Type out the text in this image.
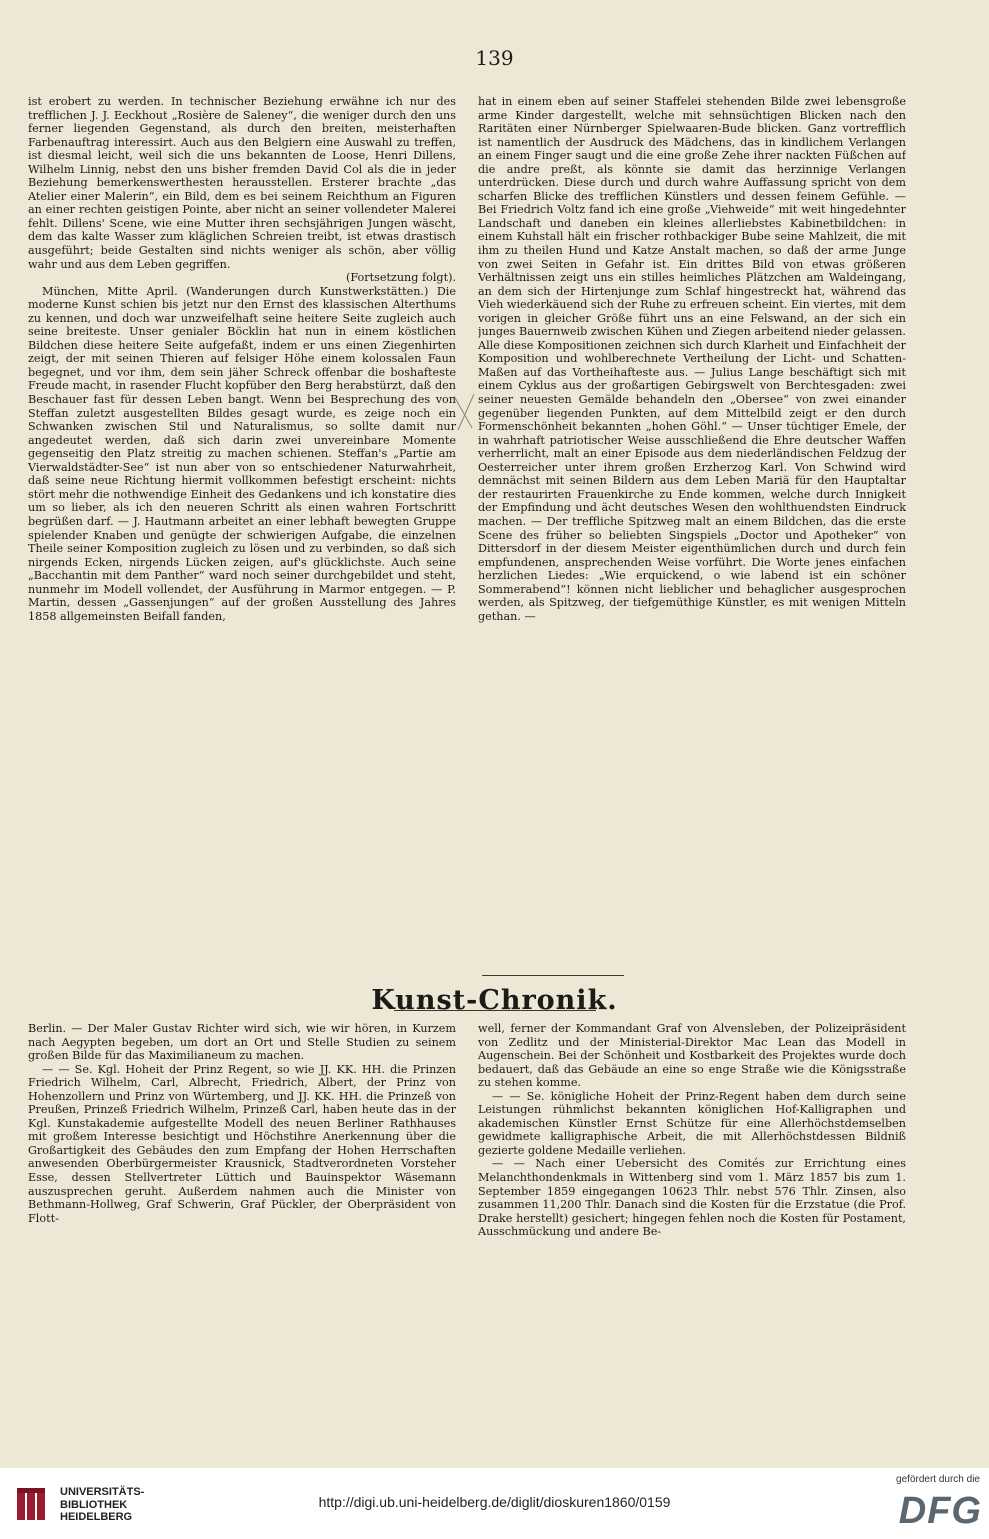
139

ist erobert zu werden. In technischer Beziehung erwähne ich nur des trefflichen J. J. Eeckhout „Rosière de Saleney“, die weniger durch den uns ferner liegenden Gegenstand, als durch den breiten, meisterhaften Farbenauftrag interessirt. Auch aus den Belgiern eine Auswahl zu treffen, ist diesmal leicht, weil sich die uns bekannten de Loose, Henri Dillens, Wilhelm Linnig, nebst den uns bisher fremden David Col als die in jeder Beziehung bemerkenswerthesten herausstellen. Ersterer brachte „das Atelier einer Malerin“, ein Bild, dem es bei seinem Reichthum an Figuren an einer rechten geistigen Pointe, aber nicht an seiner vollendeter Malerei fehlt. Dillens' Scene, wie eine Mutter ihren sechsjährigen Jungen wäscht, dem das kalte Wasser zum kläglichen Schreien treibt, ist etwas drastisch ausgeführt; beide Gestalten sind nichts weniger als schön, aber völlig wahr und aus dem Leben gegriffen.

(Fortsetzung folgt).

München, Mitte April. (Wanderungen durch Kunstwerkstätten.) Die moderne Kunst schien bis jetzt nur den Ernst des klassischen Alterthums zu kennen, und doch war unzweifelhaft seine heitere Seite zugleich auch seine breiteste. Unser genialer Böcklin hat nun in einem köstlichen Bildchen diese heitere Seite aufgefaßt, indem er uns einen Ziegenhirten zeigt, der mit seinen Thieren auf felsiger Höhe einem kolossalen Faun begegnet, und vor ihm, dem sein jäher Schreck offenbar die boshafteste Freude macht, in rasender Flucht kopfüber den Berg herabstürzt, daß den Beschauer fast für dessen Leben bangt. Wenn bei Besprechung des von Steffan zuletzt ausgestellten Bildes gesagt wurde, es zeige noch ein Schwanken zwischen Stil und Naturalismus, so sollte damit nur angedeutet werden, daß sich darin zwei unvereinbare Momente gegenseitig den Platz streitig zu machen schienen. Steffan's „Partie am Vierwaldstädter-See“ ist nun aber von so entschiedener Naturwahrheit, daß seine neue Richtung hiermit vollkommen befestigt erscheint: nichts stört mehr die nothwendige Einheit des Gedankens und ich konstatire dies um so lieber, als ich den neueren Schritt als einen wahren Fortschritt begrüßen darf. — J. Hautmann arbeitet an einer lebhaft bewegten Gruppe spielender Knaben und genügte der schwierigen Aufgabe, die einzelnen Theile seiner Komposition zugleich zu lösen und zu verbinden, so daß sich nirgends Ecken, nirgends Lücken zeigen, auf's glücklichste. Auch seine „Bacchantin mit dem Panther“ ward noch seiner durchgebildet und steht, nunmehr im Modell vollendet, der Ausführung in Marmor entgegen. — P. Martin, dessen „Gassenjungen“ auf der großen Ausstellung des Jahres 1858 allgemeinsten Beifall fanden,

hat in einem eben auf seiner Staffelei stehenden Bilde zwei lebensgroße arme Kinder dargestellt, welche mit sehnsüchtigen Blicken nach den Raritäten einer Nürnberger Spielwaaren-Bude blicken. Ganz vortrefflich ist namentlich der Ausdruck des Mädchens, das in kindlichem Verlangen an einem Finger saugt und die eine große Zehe ihrer nackten Füßchen auf die andre preßt, als könnte sie damit das herzinnige Verlangen unterdrücken. Diese durch und durch wahre Auffassung spricht von dem scharfen Blicke des trefflichen Künstlers und dessen feinem Gefühle. — Bei Friedrich Voltz fand ich eine große „Viehweide“ mit weit hingedehnter Landschaft und daneben ein kleines allerliebstes Kabinetbildchen: in einem Kuhstall hält ein frischer rothbackiger Bube seine Mahlzeit, die mit ihm zu theilen Hund und Katze Anstalt machen, so daß der arme Junge von zwei Seiten in Gefahr ist. Ein drittes Bild von etwas größeren Verhältnissen zeigt uns ein stilles heimliches Plätzchen am Waldeingang, an dem sich der Hirtenjunge zum Schlaf hingestreckt hat, während das Vieh wiederkäuend sich der Ruhe zu erfreuen scheint. Ein viertes, mit dem vorigen in gleicher Größe führt uns an eine Felswand, an der sich ein junges Bauernweib zwischen Kühen und Ziegen arbeitend nieder gelassen. Alle diese Kompositionen zeichnen sich durch Klarheit und Einfachheit der Komposition und wohlberechnete Vertheilung der Licht- und Schatten-Maßen auf das Vortheihafteste aus. — Julius Lange beschäftigt sich mit einem Cyklus aus der großartigen Gebirgswelt von Berchtesgaden: zwei seiner neuesten Gemälde behandeln den „Obersee“ von zwei einander gegenüber liegenden Punkten, auf dem Mittelbild zeigt er den durch Formenschönheit bekannten „hohen Göhl.“ — Unser tüchtiger Emele, der in wahrhaft patriotischer Weise ausschließend die Ehre deutscher Waffen verherrlicht, malt an einer Episode aus dem niederländischen Feldzug der Oesterreicher unter ihrem großen Erzherzog Karl. Von Schwind wird demnächst mit seinen Bildern aus dem Leben Mariä für den Hauptaltar der restaurirten Frauenkirche zu Ende kommen, welche durch Innigkeit der Empfindung und ächt deutsches Wesen den wohlthuendsten Eindruck machen. — Der treffliche Spitzweg malt an einem Bildchen, das die erste Scene des früher so beliebten Singspiels „Doctor und Apotheker“ von Dittersdorf in der diesem Meister eigenthümlichen durch und durch fein empfundenen, ansprechenden Weise vorführt. Die Worte jenes einfachen herzlichen Liedes: „Wie erquickend, o wie labend ist ein schöner Sommerabend“! können nicht lieblicher und behaglicher ausgesprochen werden, als Spitzweg, der tiefgemüthige Künstler, es mit wenigen Mitteln gethan. —

Kunst-Chronik.

Berlin. — Der Maler Gustav Richter wird sich, wie wir hören, in Kurzem nach Aegypten begeben, um dort an Ort und Stelle Studien zu seinem großen Bilde für das Maximilianeum zu machen.

— — Se. Kgl. Hoheit der Prinz Regent, so wie JJ. KK. HH. die Prinzen Friedrich Wilhelm, Carl, Albrecht, Friedrich, Albert, der Prinz von Hohenzollern und Prinz von Würtemberg, und JJ. KK. HH. die Prinzeß von Preußen, Prinzeß Friedrich Wilhelm, Prinzeß Carl, haben heute das in der Kgl. Kunstakademie aufgestellte Modell des neuen Berliner Rathhauses mit großem Interesse besichtigt und Höchstihre Anerkennung über die Großartigkeit des Gebäudes den zum Empfang der Hohen Herrschaften anwesenden Oberbürgermeister Krausnick, Stadtverordneten Vorsteher Esse, dessen Stellvertreter Lüttich und Bauinspektor Wäsemann auszusprechen geruht. Außerdem nahmen auch die Minister von Bethmann-Hollweg, Graf Schwerin, Graf Pückler, der Oberpräsident von Flott-

well, ferner der Kommandant Graf von Alvensleben, der Polizeipräsident von Zedlitz und der Ministerial-Direktor Mac Lean das Modell in Augenschein. Bei der Schönheit und Kostbarkeit des Projektes wurde doch bedauert, daß das Gebäude an eine so enge Straße wie die Königsstraße zu stehen komme.

— — Se. königliche Hoheit der Prinz-Regent haben dem durch seine Leistungen rühmlichst bekannten königlichen Hof-Kalligraphen und akademischen Künstler Ernst Schütze für eine Allerhöchstdemselben gewidmete kalligraphische Arbeit, die mit Allerhöchstdessen Bildniß gezierte goldene Medaille verliehen.

— — Nach einer Uebersicht des Comités zur Errichtung eines Melanchthondenkmals in Wittenberg sind vom 1. März 1857 bis zum 1. September 1859 eingegangen 10623 Thlr. nebst 576 Thlr. Zinsen, also zusammen 11,200 Thlr. Danach sind die Kosten für die Erzstatue (die Prof. Drake herstellt) gesichert; hingegen fehlen noch die Kosten für Postament, Ausschmückung und andere Be-

UNIVERSITÄTS-
BIBLIOTHEK
HEIDELBERG
http://digi.ub.uni-heidelberg.de/diglit/dioskuren1860/0159
gefördert durch die
DFG
